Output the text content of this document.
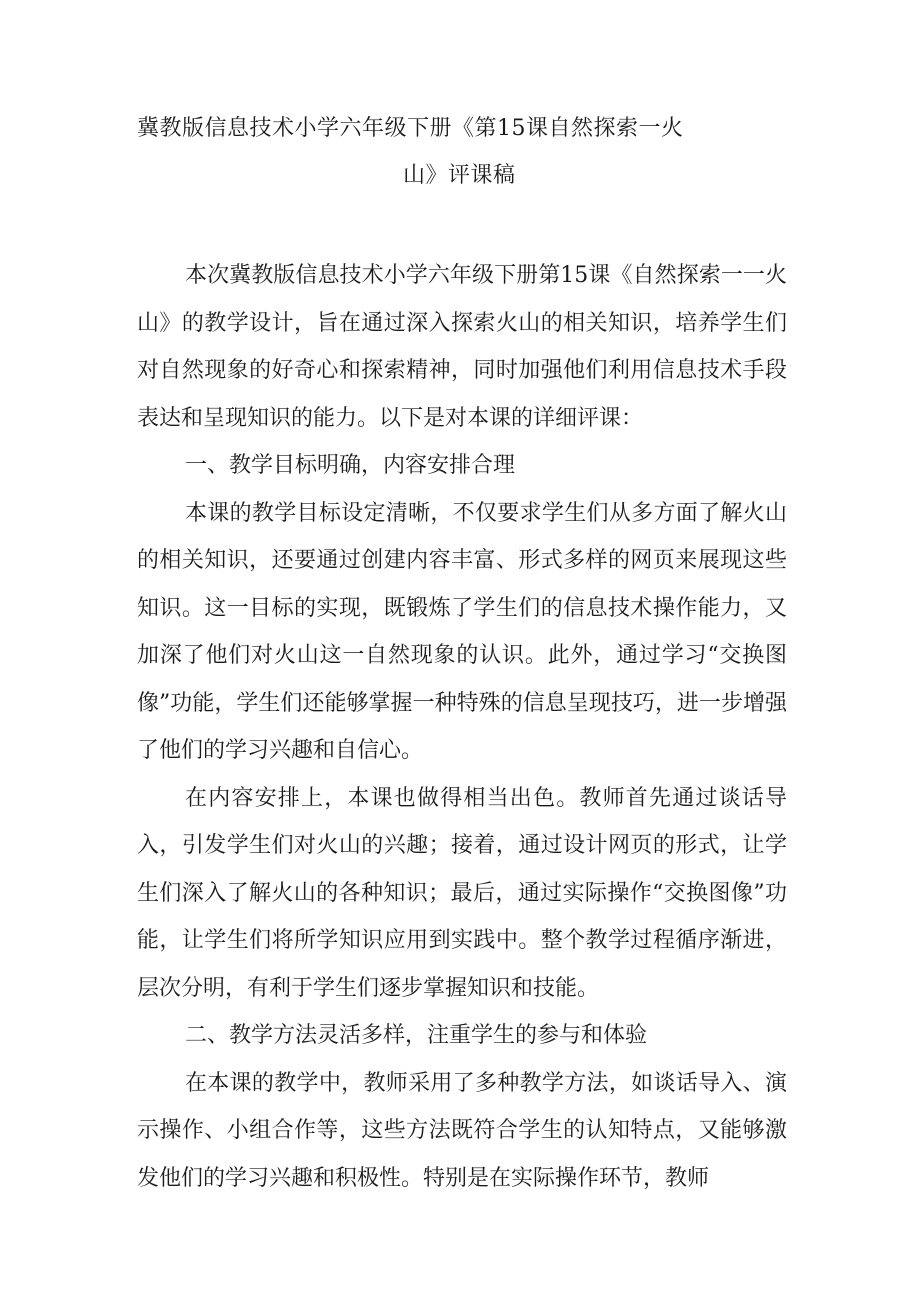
冀教版信息技术小学六年级下册《第15课自然探索一火
山》评课稿

本次冀教版信息技术小学六年级下册第15课《自然探索一一火山》的教学设计，旨在通过深入探索火山的相关知识，培养学生们对自然现象的好奇心和探索精神，同时加强他们利用信息技术手段表达和呈现知识的能力。以下是对本课的详细评课：

一、教学目标明确，内容安排合理

本课的教学目标设定清晰，不仅要求学生们从多方面了解火山的相关知识，还要通过创建内容丰富、形式多样的网页来展现这些知识。这一目标的实现，既锻炼了学生们的信息技术操作能力，又加深了他们对火山这一自然现象的认识。此外，通过学习“交换图像”功能，学生们还能够掌握一种特殊的信息呈现技巧，进一步增强了他们的学习兴趣和自信心。

在内容安排上，本课也做得相当出色。教师首先通过谈话导入，引发学生们对火山的兴趣；接着，通过设计网页的形式，让学生们深入了解火山的各种知识；最后，通过实际操作“交换图像”功能，让学生们将所学知识应用到实践中。整个教学过程循序渐进，层次分明，有利于学生们逐步掌握知识和技能。

二、教学方法灵活多样，注重学生的参与和体验

在本课的教学中，教师采用了多种教学方法，如谈话导入、演示操作、小组合作等，这些方法既符合学生的认知特点，又能够激发他们的学习兴趣和积极性。特别是在实际操作环节，教师
